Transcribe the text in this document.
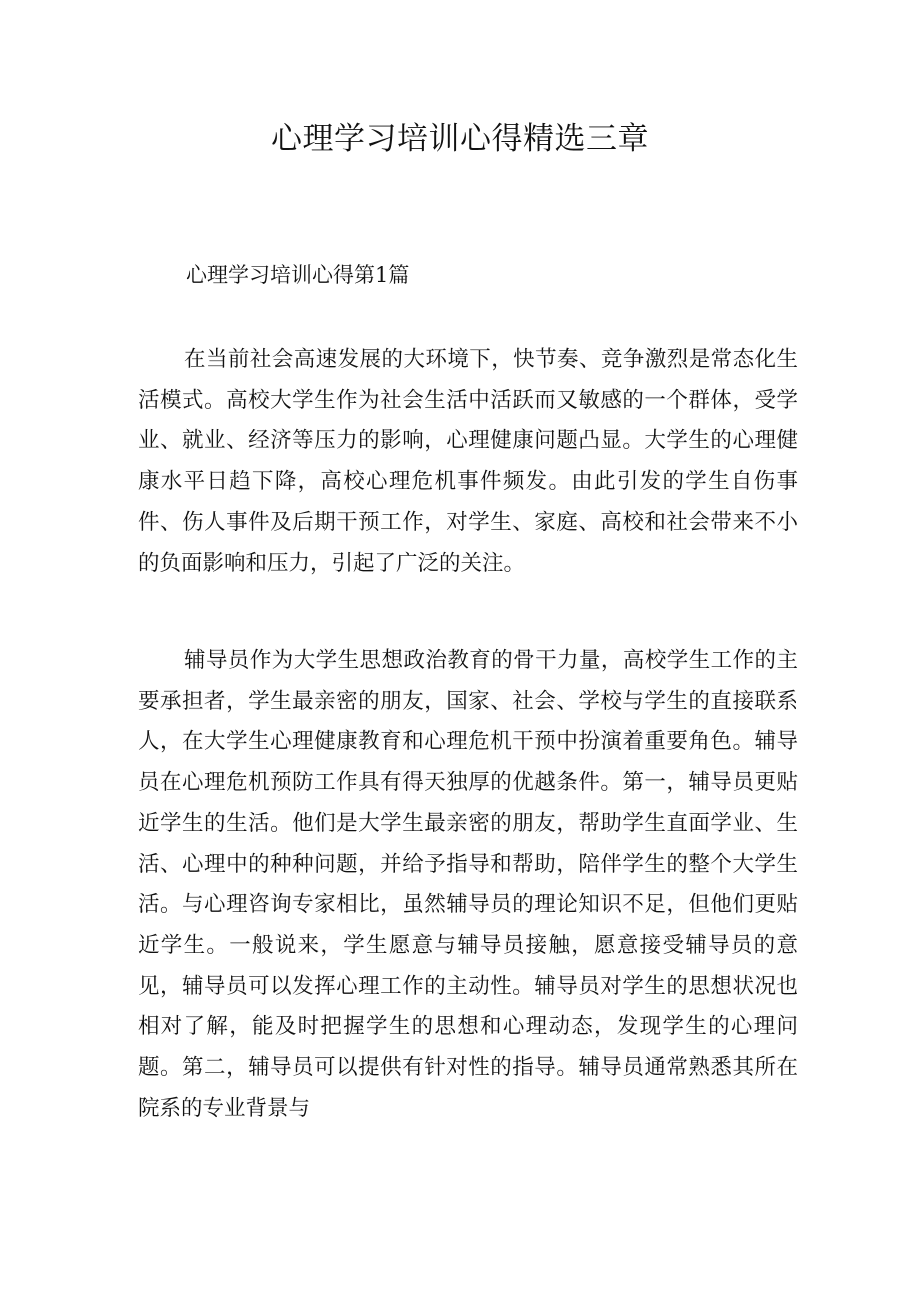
心理学习培训心得精选三章
心理学习培训心得第1篇

在当前社会高速发展的大环境下，快节奏、竞争激烈是常态化生活模式。高校大学生作为社会生活中活跃而又敏感的一个群体，受学业、就业、经济等压力的影响，心理健康问题凸显。大学生的心理健康水平日趋下降，高校心理危机事件频发。由此引发的学生自伤事件、伤人事件及后期干预工作，对学生、家庭、高校和社会带来不小的负面影响和压力，引起了广泛的关注。

辅导员作为大学生思想政治教育的骨干力量，高校学生工作的主要承担者，学生最亲密的朋友，国家、社会、学校与学生的直接联系人，在大学生心理健康教育和心理危机干预中扮演着重要角色。辅导员在心理危机预防工作具有得天独厚的优越条件。第一，辅导员更贴近学生的生活。他们是大学生最亲密的朋友，帮助学生直面学业、生活、心理中的种种问题，并给予指导和帮助，陪伴学生的整个大学生活。与心理咨询专家相比，虽然辅导员的理论知识不足，但他们更贴近学生。一般说来，学生愿意与辅导员接触，愿意接受辅导员的意见，辅导员可以发挥心理工作的主动性。辅导员对学生的思想状况也相对了解，能及时把握学生的思想和心理动态，发现学生的心理问题。第二，辅导员可以提供有针对性的指导。辅导员通常熟悉其所在院系的专业背景与
